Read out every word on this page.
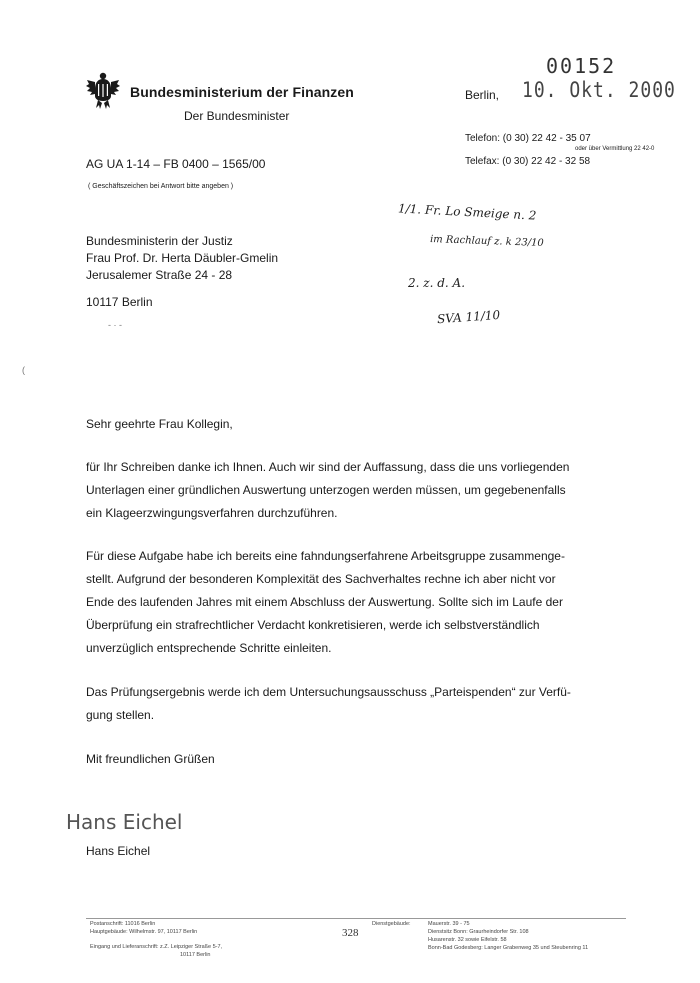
Bundesministerium der Finanzen
Der Bundesminister
AG UA 1-14 – FB 0400 – 1565/00
( Geschäftszeichen bei Antwort bitte angeben )
00152
Berlin, 10. Okt. 2000
Telefon: (0 30) 22 42 - 35 07
oder über Vermittlung 22 42-0
Telefax: (0 30) 22 42 - 32 58
1/1. Fr. Lo Smeige n. 2
im Rachlauf z. k 23/10
2. z. d. A.
SVA 11/10
Bundesministerin der Justiz
Frau Prof. Dr. Herta Däubler-Gmelin
Jerusalemer Straße 24 - 28
10117 Berlin
- · -
(
Sehr geehrte Frau Kollegin,
für Ihr Schreiben danke ich Ihnen. Auch wir sind der Auffassung, dass die uns vorliegenden
Unterlagen einer gründlichen Auswertung unterzogen werden müssen, um gegebenenfalls
ein Klageerzwingungsverfahren durchzuführen.
Für diese Aufgabe habe ich bereits eine fahndungserfahrene Arbeitsgruppe zusammenge-
stellt. Aufgrund der besonderen Komplexität des Sachverhaltes rechne ich aber nicht vor
Ende des laufenden Jahres mit einem Abschluss der Auswertung. Sollte sich im Laufe der
Überprüfung ein strafrechtlicher Verdacht konkretisieren, werde ich selbstverständlich
unverzüglich entsprechende Schritte einleiten.
Das Prüfungsergebnis werde ich dem Untersuchungsausschuss „Parteispenden“ zur Verfü-
gung stellen.
Mit freundlichen Grüßen
Hans Eichel
Hans Eichel
Postanschrift: 11016 Berlin
Hauptgebäude: Wilhelmstr. 97, 10117 Berlin
Eingang und Lieferanschrift: z.Z. Leipziger Straße 5-7,
10117 Berlin
328
Dienstgebäude:	Mauerstr. 39 - 75
Dienstsitz Bonn: Graurheindorfer Str. 108
Husarenstr. 32 sowie Eifelstr. 58
Bonn-Bad Godesberg: Langer Grabenweg 35 und Steubenring 11
